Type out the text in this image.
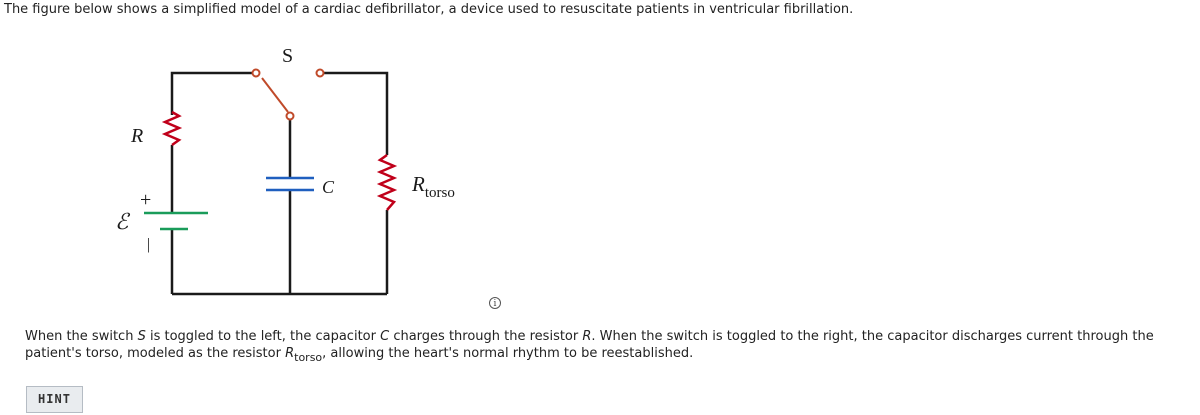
The figure below shows a simplified model of a cardiac defibrillator, a device used to resuscitate patients in ventricular fibrillation.

S
R
C
+
ℰ
|
$R_{torso}$
i

When the switch S is toggled to the left, the capacitor C charges through the resistor R. When the switch is toggled to the right, the capacitor discharges current through the patient's torso, modeled as the resistor $R_{torso}$, allowing the heart's normal rhythm to be reestablished.

HINT
